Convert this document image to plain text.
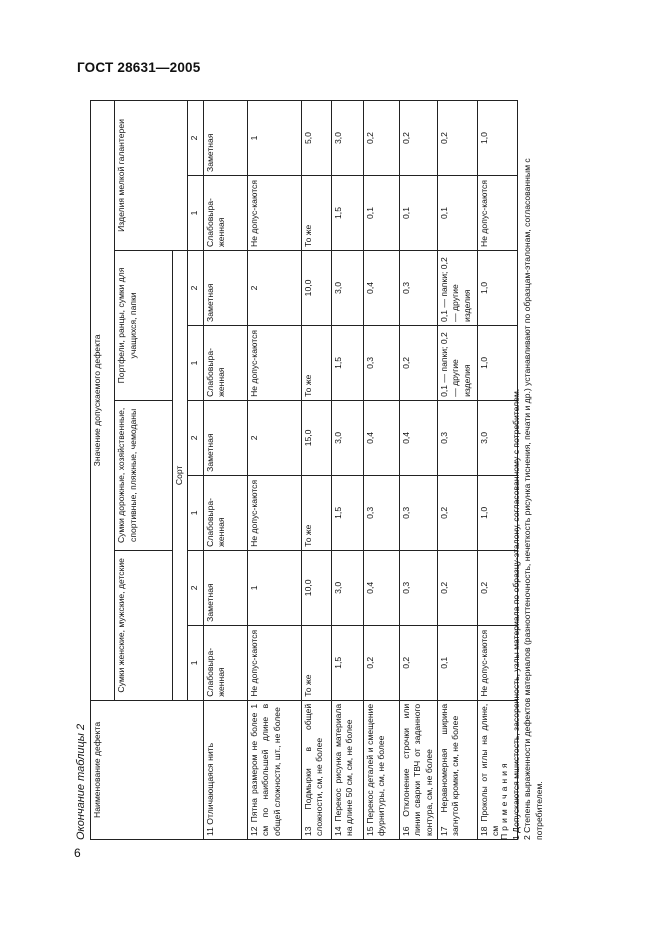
ГОСТ 28631—2005
Окончание таблицы 2 Наименование дефекта	Значение допускаемого дефекта							
	Сумки женские, мужские, детские		Сумки дорожные, хозяйственные, спортивные, пляжные, чемоданы		Портфели, ранцы, сумки для учащихся, папки		Изделия мелкой галантереи	
	Сорт							
	1	2	1	2	1	2	1	2
11 Отличающаяся нить	Слабовыра-женная	Заметная	Слабовыра-женная	Заметная	Слабовыра-женная	Заметная	Слабовыра-женная	Заметная
12 Пятна размером не более 1 см по наибольшей длине в общей сложности, шт., не более	Не допус-каются	1	Не допус-каются	2	Не допус-каются	2	Не допус-каются	1
13 Подмырки в общей сложности, см, не более	То же	10,0	То же	15,0	То же	10,0	То же	5,0
14 Перекос рисунка материала на длине 50 см, см, не более	1,5	3,0	1,5	3,0	1,5	3,0	1,5	3,0
15 Перекос деталей и смещение фурнитуры, см, не более	0,2	0,4	0,3	0,4	0,3	0,4	0,1	0,2
16 Отклонение строчки или линии сварки ТВЧ от заданного контура, см, не более	0,2	0,3	0,3	0,4	0,2	0,3	0,1	0,2
17 Неравномерная ширина загнутой кромки, см, не более	0,1	0,2	0,2	0,3	0,1 — папки; 0,2 — другие изделия	0,1 — папки; 0,2 — другие изделия	0,1	0,2
18 Проколы от иглы на длине, см	Не допус-каются	0,2	1,0	3,0	1,0	1,0	Не допус-каются	1,0
Примечания 1 Допускаются мшистость, засоренность, узлы материала по образцу-эталону, согласованному с потребителем. 2 Степень выраженности дефектов материалов (разнооттеночность, нечеткость рисунка тиснения, печати и др.) устанавливают по образцам-эталонам, согласованным с потребителем.
6
